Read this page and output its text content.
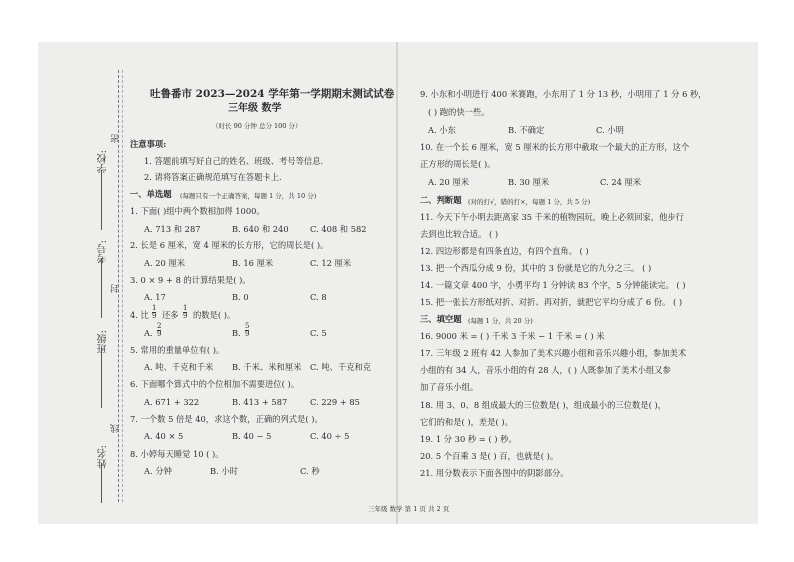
学校:
考号:
班级:
姓名:
密
封
线
吐鲁番市 2023—2024 学年第一学期期末测试试卷
三年级 数学
（时长 90 分钟 总分 100 分）
注意事项:
1. 答题前填写好自己的姓名、班级、考号等信息.
2. 请将答案正确规范填写在答题卡上.
一、单选题 (每题只有一个正确答案，每题 1 分，共 10 分)
1. 下面( )组中两个数相加得 1000。
A. 713 和 287	B. 640 和 240	C. 408 和 582
2. 长是 6 厘米，宽 4 厘米的长方形，它的周长是( )。
A. 20 厘米	B. 16 厘米	C. 12 厘米
3. 0 × 9 + 8 的计算结果是( )。
A. 17	B. 0	C. 8
4. 比 $\frac{1}{9}$ 还多 $\frac{1}{9}$ 的数是( )。
A. $\frac{2}{9}$	B. $\frac{5}{9}$	C. 5
5. 常用的重量单位有( )。
A. 吨、千克和千米 B. 千米、米和厘米 C. 吨、千克和克
6. 下面哪个算式中的个位相加不需要进位( )。
A. 671 + 322	B. 413 + 587	C. 229 + 85
7. 一个数 5 倍是 40，求这个数，正确的列式是( )。
A. 40 × 5	B. 40 − 5	C. 40 ÷ 5
8. 小婷每天睡觉 10 ( )。
A. 分钟	B. 小时	C. 秒
9. 小东和小明进行 400 米赛跑，小东用了 1 分 13 秒，小明用了 1 分 6 秒，
( ) 跑的快一些。
A. 小东	B. 不确定	C. 小明
10. 在一个长 6 厘米，宽 5 厘米的长方形中截取一个最大的正方形，这个
正方形的周长是( )。
A. 20 厘米	B. 30 厘米	C. 24 厘米
二、判断题 (对的打√，错的打×，每题 1 分，共 5 分)
11. 今天下午小明去距离家 35 千米的植物园玩，晚上必须回家，他步行
去到也比较合适。 ( )
12. 四边形都是有四条直边，有四个直角。 ( )
13. 把一个西瓜分成 9 份，其中的 3 份就是它的九分之三。 ( )
14. 一篇文章 400 字，小勇平均 1 分钟读 83 个字，5 分钟能读完。 ( )
15. 把一张长方形纸对折、对折、再对折，就把它平均分成了 6 份。 ( )
三、填空题 (每题 1 分，共 20 分)
16. 9000 米 = ( ) 千米 3 千米 − 1 千米 = ( ) 米
17. 三年级 2 班有 42 人参加了美术兴趣小组和音乐兴趣小组，参加美术
小组的有 34 人，音乐小组的有 28 人，( ) 人既参加了美术小组又参
加了音乐小组。
18. 用 3、0、8 组成最大的三位数是( )，组成最小的三位数是( )，
它们的和是( )，差是( )。
19. 1 分 30 秒 = ( ) 秒。
20. 5 个百乘 3 是( ) 百，也就是( )。
21. 用分数表示下面各图中的阴影部分。
三年级 数学 第 1 页 共 2 页
